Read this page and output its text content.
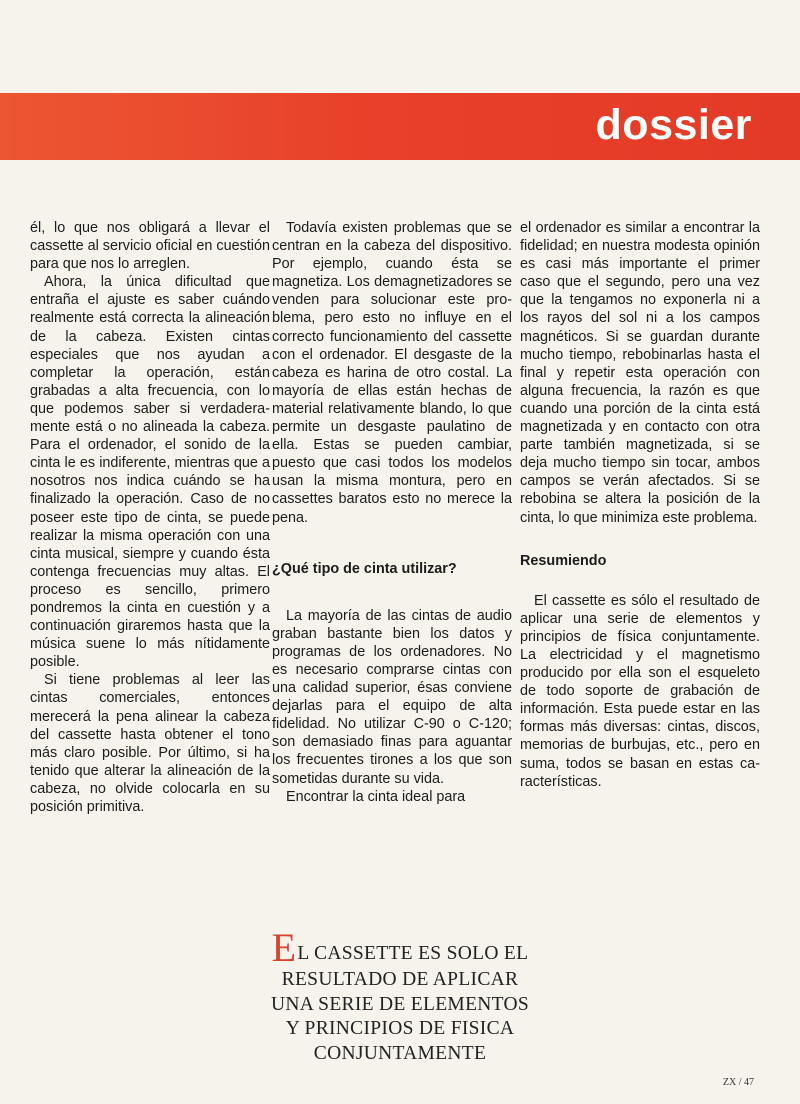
dossier

él, lo que nos obligará a llevar el cassette al servicio oficial en cuestión para que nos lo arreglen.

Ahora, la única dificultad que entraña el ajuste es saber cuándo realmente está correcta la alineación de la cabeza. Existen cintas especiales que nos ayudan a completar la operación, están grabadas a alta frecuencia, con lo que podemos saber si verdaderamente está o no alineada la cabeza. Para el ordenador, el sonido de la cinta le es indiferente, mientras que a nosotros nos indica cuándo se ha finalizado la operación. Caso de no poseer este tipo de cinta, se puede realizar la misma operación con una cinta musical, siempre y cuando ésta contenga frecuencias muy altas. El proceso es sencillo, primero pondremos la cinta en cuestión y a continuación giraremos hasta que la música suene lo más nítidamente posible.

Si tiene problemas al leer las cintas comerciales, entonces merecerá la pena alinear la cabeza del cassette hasta obtener el tono más claro posible. Por último, si ha tenido que alterar la alineación de la cabeza, no olvide colocarla en su posición primitiva.

Todavía existen problemas que se centran en la cabeza del dispositivo. Por ejemplo, cuando ésta se magnetiza. Los demagnetizadores se venden para solucionar este problema, pero esto no influye en el correcto funcionamiento del cassette con el ordenador. El desgaste de la cabeza es harina de otro costal. La mayoría de ellas están hechas de material relativamente blando, lo que permite un desgaste paulatino de ella. Estas se pueden cambiar, puesto que casi todos los modelos usan la misma montura, pero en cassettes baratos esto no merece la pena.

¿Qué tipo de cinta utilizar?

La mayoría de las cintas de audio graban bastante bien los datos y programas de los ordenadores. No es necesario comprarse cintas con una calidad superior, ésas conviene dejarlas para el equipo de alta fidelidad. No utilizar C-90 o C-120; son demasiado finas para aguantar los frecuentes tirones a los que son sometidas durante su vida.

Encontrar la cinta ideal para

el ordenador es similar a encontrar la fidelidad; en nuestra modesta opinión es casi más importante el primer caso que el segundo, pero una vez que la tengamos no exponerla ni a los rayos del sol ni a los campos magnéticos. Si se guardan durante mucho tiempo, rebobinarlas hasta el final y repetir esta operación con alguna frecuencia, la razón es que cuando una porción de la cinta está magnetizada y en contacto con otra parte también magnetizada, si se deja mucho tiempo sin tocar, ambos campos se verán afectados. Si se rebobina se altera la posición de la cinta, lo que minimiza este problema.

Resumiendo

El cassette es sólo el resultado de aplicar una serie de elementos y principios de física conjuntamente. La electricidad y el magnetismo producido por ella son el esqueleto de todo soporte de grabación de información. Esta puede estar en las formas más diversas: cintas, discos, memorias de burbujas, etc., pero en suma, todos se basan en estas características.

EL CASSETTE ES SOLO EL
RESULTADO DE APLICAR
UNA SERIE DE ELEMENTOS
Y PRINCIPIOS DE FISICA
CONJUNTAMENTE
ZX / 47
